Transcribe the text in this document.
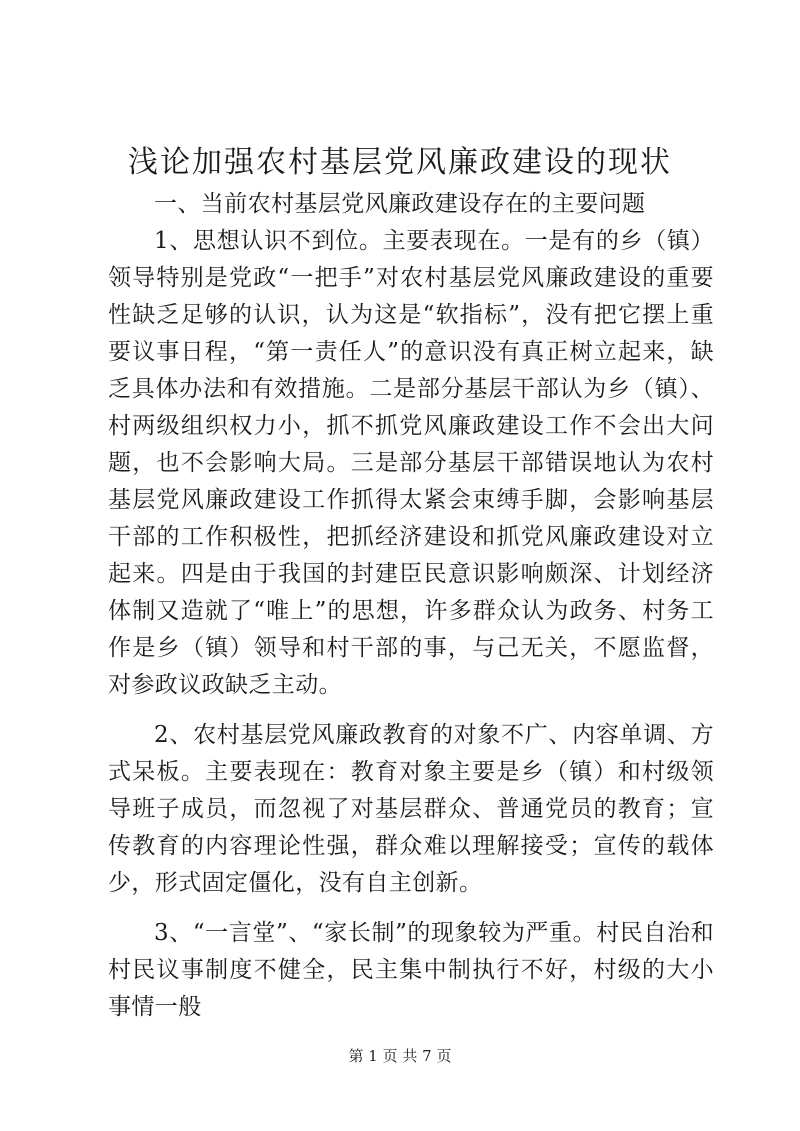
浅论加强农村基层党风廉政建设的现状
一、当前农村基层党风廉政建设存在的主要问题

1、思想认识不到位。主要表现在。一是有的乡（镇）领导特别是党政“一把手”对农村基层党风廉政建设的重要性缺乏足够的认识，认为这是“软指标”，没有把它摆上重要议事日程，“第一责任人”的意识没有真正树立起来，缺乏具体办法和有效措施。二是部分基层干部认为乡（镇）、村两级组织权力小，抓不抓党风廉政建设工作不会出大问题，也不会影响大局。三是部分基层干部错误地认为农村基层党风廉政建设工作抓得太紧会束缚手脚，会影响基层干部的工作积极性，把抓经济建设和抓党风廉政建设对立起来。四是由于我国的封建臣民意识影响颇深、计划经济体制又造就了“唯上”的思想，许多群众认为政务、村务工作是乡（镇）领导和村干部的事，与己无关，不愿监督，对参政议政缺乏主动。

2、农村基层党风廉政教育的对象不广、内容单调、方式呆板。主要表现在：教育对象主要是乡（镇）和村级领导班子成员，而忽视了对基层群众、普通党员的教育；宣传教育的内容理论性强，群众难以理解接受；宣传的载体少，形式固定僵化，没有自主创新。

3、“一言堂”、“家长制”的现象较为严重。村民自治和村民议事制度不健全，民主集中制执行不好，村级的大小事情一般

第 1 页 共 7 页
